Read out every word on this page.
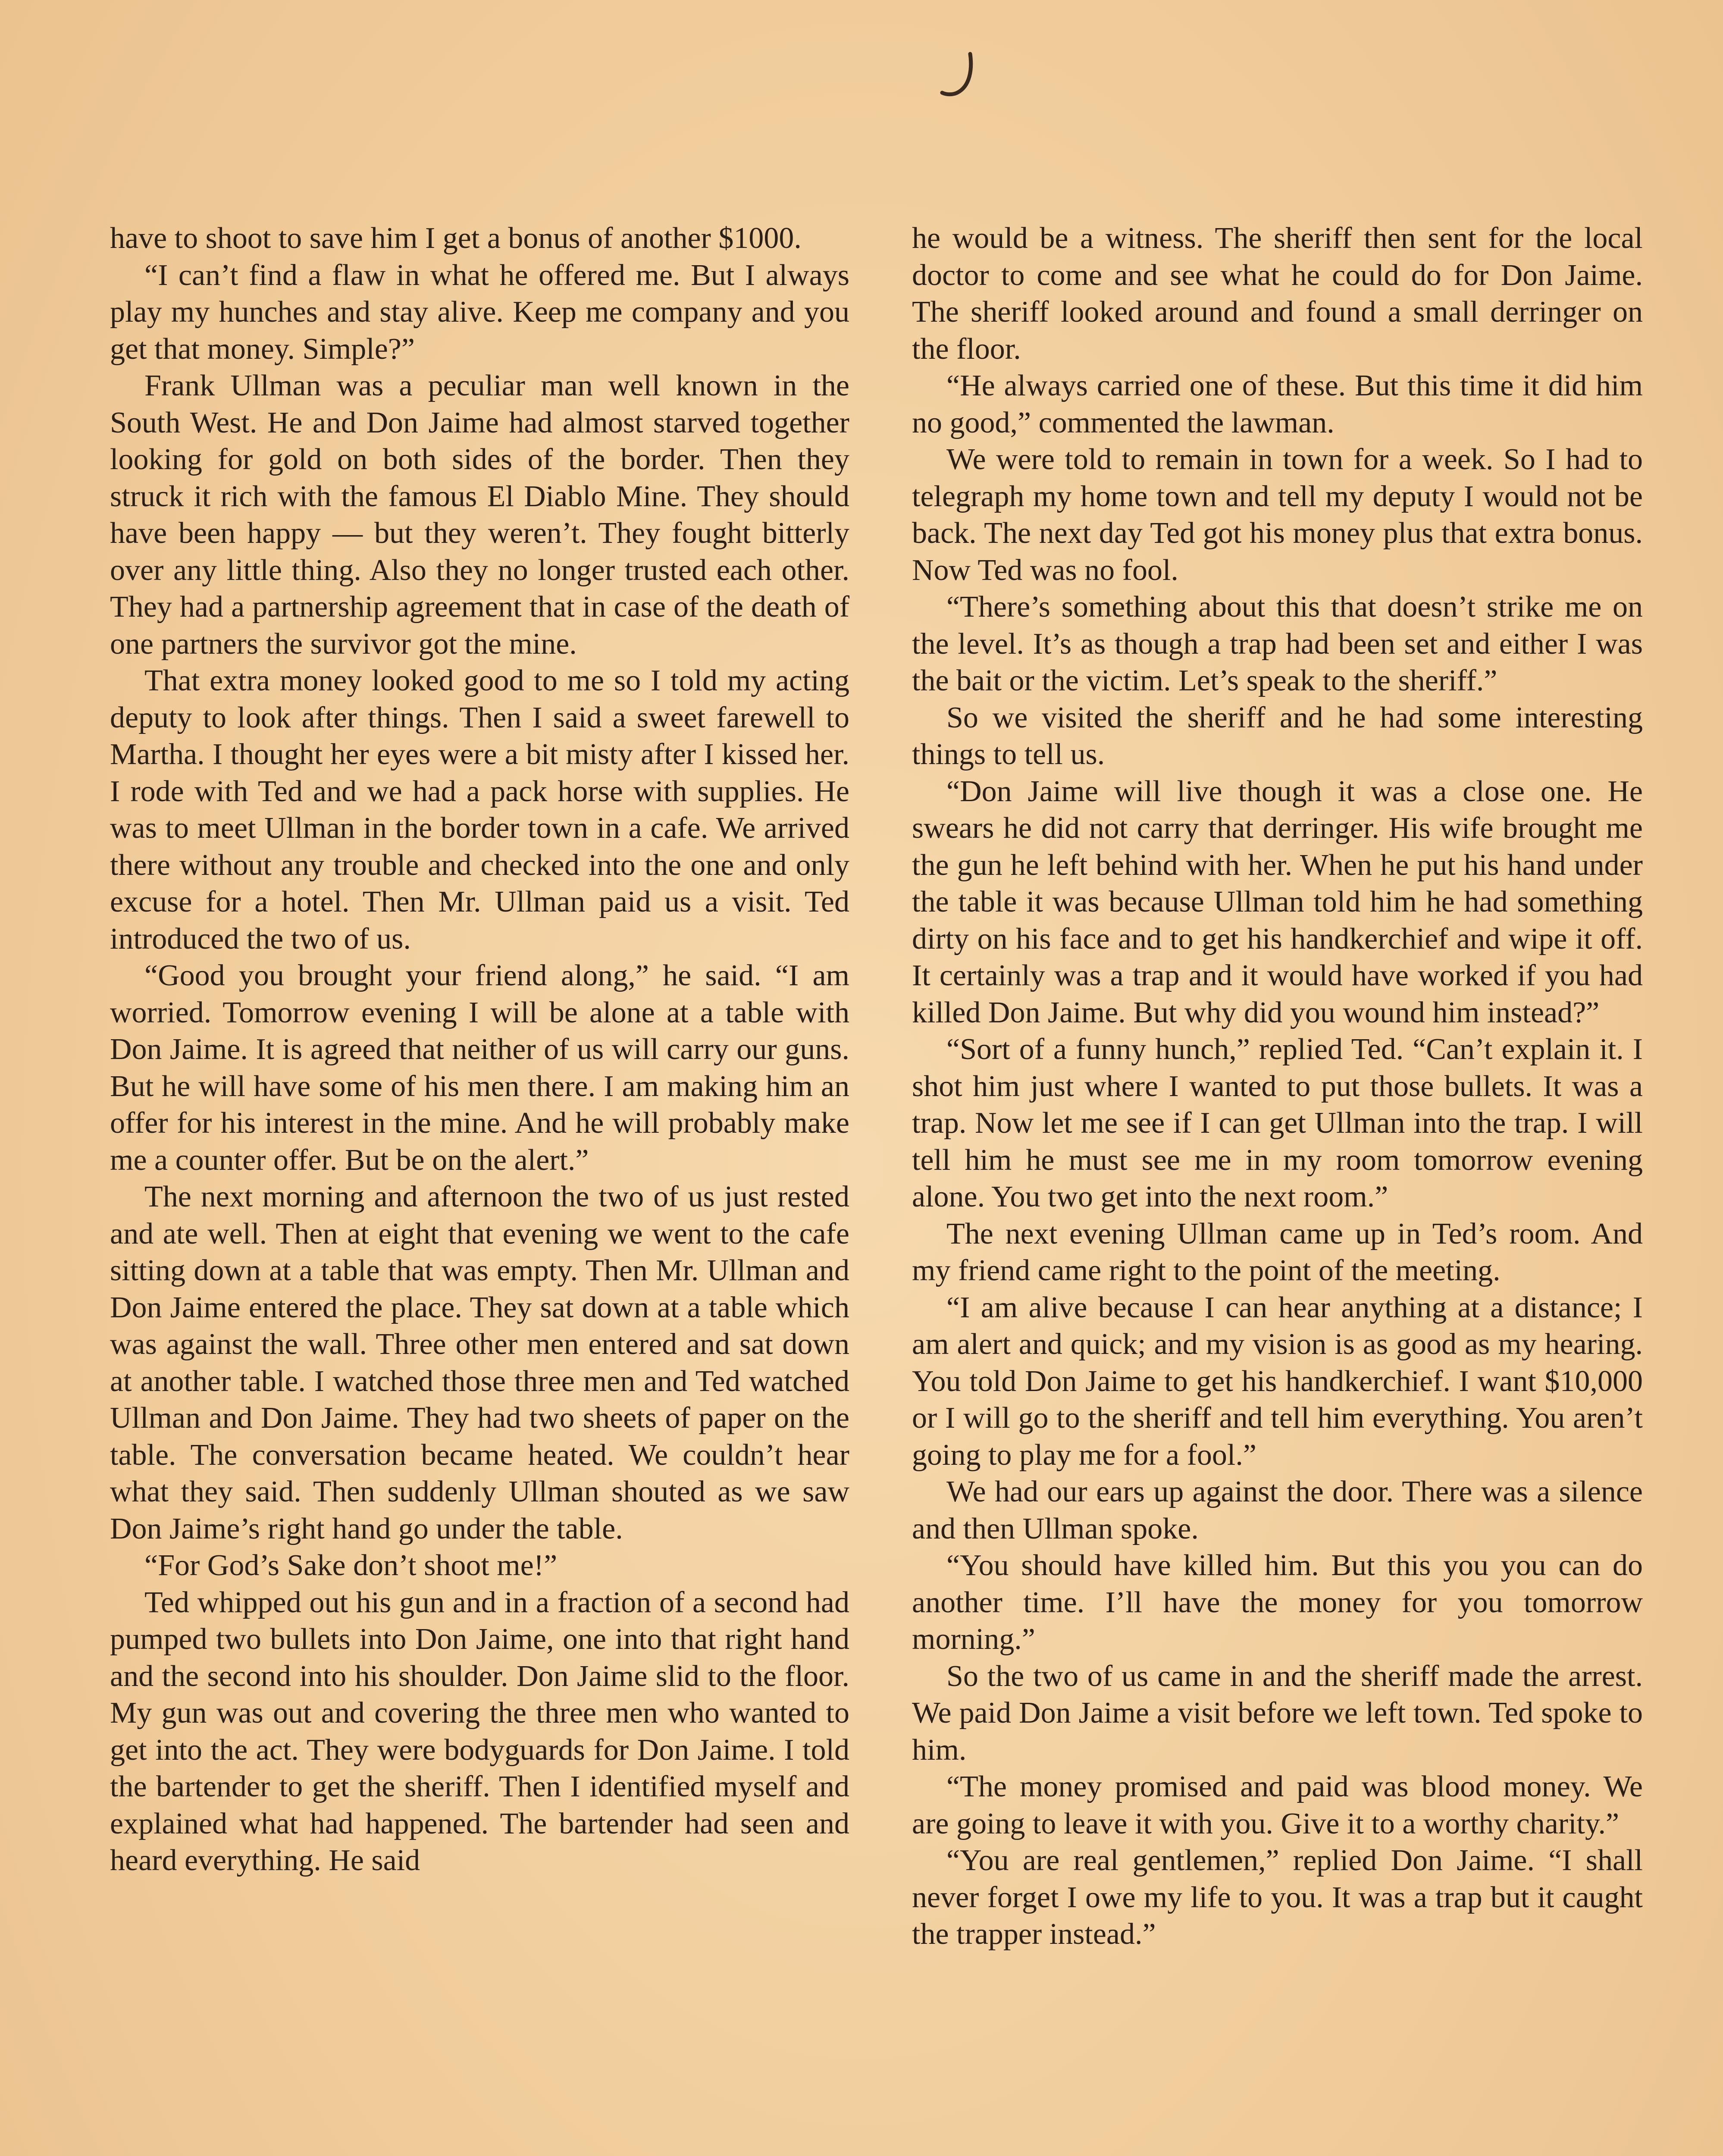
have to shoot to save him I get a bonus of another $1000.

“I can’t find a flaw in what he offered me. But I always play my hunches and stay alive. Keep me company and you get that money. Simple?”

Frank Ullman was a peculiar man well known in the South West. He and Don Jaime had almost starved together looking for gold on both sides of the border. Then they struck it rich with the famous El Diablo Mine. They should have been happy — but they weren’t. They fought bitterly over any little thing. Also they no longer trusted each other. They had a partnership agreement that in case of the death of one partners the survivor got the mine.

That extra money looked good to me so I told my acting deputy to look after things. Then I said a sweet farewell to Martha. I thought her eyes were a bit misty after I kissed her. I rode with Ted and we had a pack horse with supplies. He was to meet Ullman in the border town in a cafe. We arrived there without any trouble and checked into the one and only excuse for a hotel. Then Mr. Ullman paid us a visit. Ted introduced the two of us.

“Good you brought your friend along,” he said. “I am worried. Tomorrow evening I will be alone at a table with Don Jaime. It is agreed that neither of us will carry our guns. But he will have some of his men there. I am making him an offer for his interest in the mine. And he will probably make me a counter offer. But be on the alert.”

The next morning and afternoon the two of us just rested and ate well. Then at eight that evening we went to the cafe sitting down at a table that was empty. Then Mr. Ullman and Don Jaime entered the place. They sat down at a table which was against the wall. Three other men entered and sat down at another table. I watched those three men and Ted watched Ullman and Don Jaime. They had two sheets of paper on the table. The conversation became heated. We couldn’t hear what they said. Then suddenly Ullman shouted as we saw Don Jaime’s right hand go under the table.

“For God’s Sake don’t shoot me!”

Ted whipped out his gun and in a fraction of a second had pumped two bullets into Don Jaime, one into that right hand and the second into his shoulder. Don Jaime slid to the floor. My gun was out and covering the three men who wanted to get into the act. They were bodyguards for Don Jaime. I told the bartender to get the sheriff. Then I identified myself and explained what had happened. The bartender had seen and heard everything. He said

he would be a witness. The sheriff then sent for the local doctor to come and see what he could do for Don Jaime. The sheriff looked around and found a small derringer on the floor.

“He always carried one of these. But this time it did him no good,” commented the lawman.

We were told to remain in town for a week. So I had to telegraph my home town and tell my deputy I would not be back. The next day Ted got his money plus that extra bonus. Now Ted was no fool.

“There’s something about this that doesn’t strike me on the level. It’s as though a trap had been set and either I was the bait or the victim. Let’s speak to the sheriff.”

So we visited the sheriff and he had some interesting things to tell us.

“Don Jaime will live though it was a close one. He swears he did not carry that derringer. His wife brought me the gun he left behind with her. When he put his hand under the table it was because Ullman told him he had something dirty on his face and to get his handkerchief and wipe it off. It certainly was a trap and it would have worked if you had killed Don Jaime. But why did you wound him instead?”

“Sort of a funny hunch,” replied Ted. “Can’t explain it. I shot him just where I wanted to put those bullets. It was a trap. Now let me see if I can get Ullman into the trap. I will tell him he must see me in my room tomorrow evening alone. You two get into the next room.”

The next evening Ullman came up in Ted’s room. And my friend came right to the point of the meeting.

“I am alive because I can hear anything at a distance; I am alert and quick; and my vision is as good as my hearing. You told Don Jaime to get his handkerchief. I want $10,000 or I will go to the sheriff and tell him everything. You aren’t going to play me for a fool.”

We had our ears up against the door. There was a silence and then Ullman spoke.

“You should have killed him. But this you you can do another time. I’ll have the money for you tomorrow morning.”

So the two of us came in and the sheriff made the arrest. We paid Don Jaime a visit before we left town. Ted spoke to him.

“The money promised and paid was blood money. We are going to leave it with you. Give it to a worthy charity.”

“You are real gentlemen,” replied Don Jaime. “I shall never forget I owe my life to you. It was a trap but it caught the trapper instead.”
